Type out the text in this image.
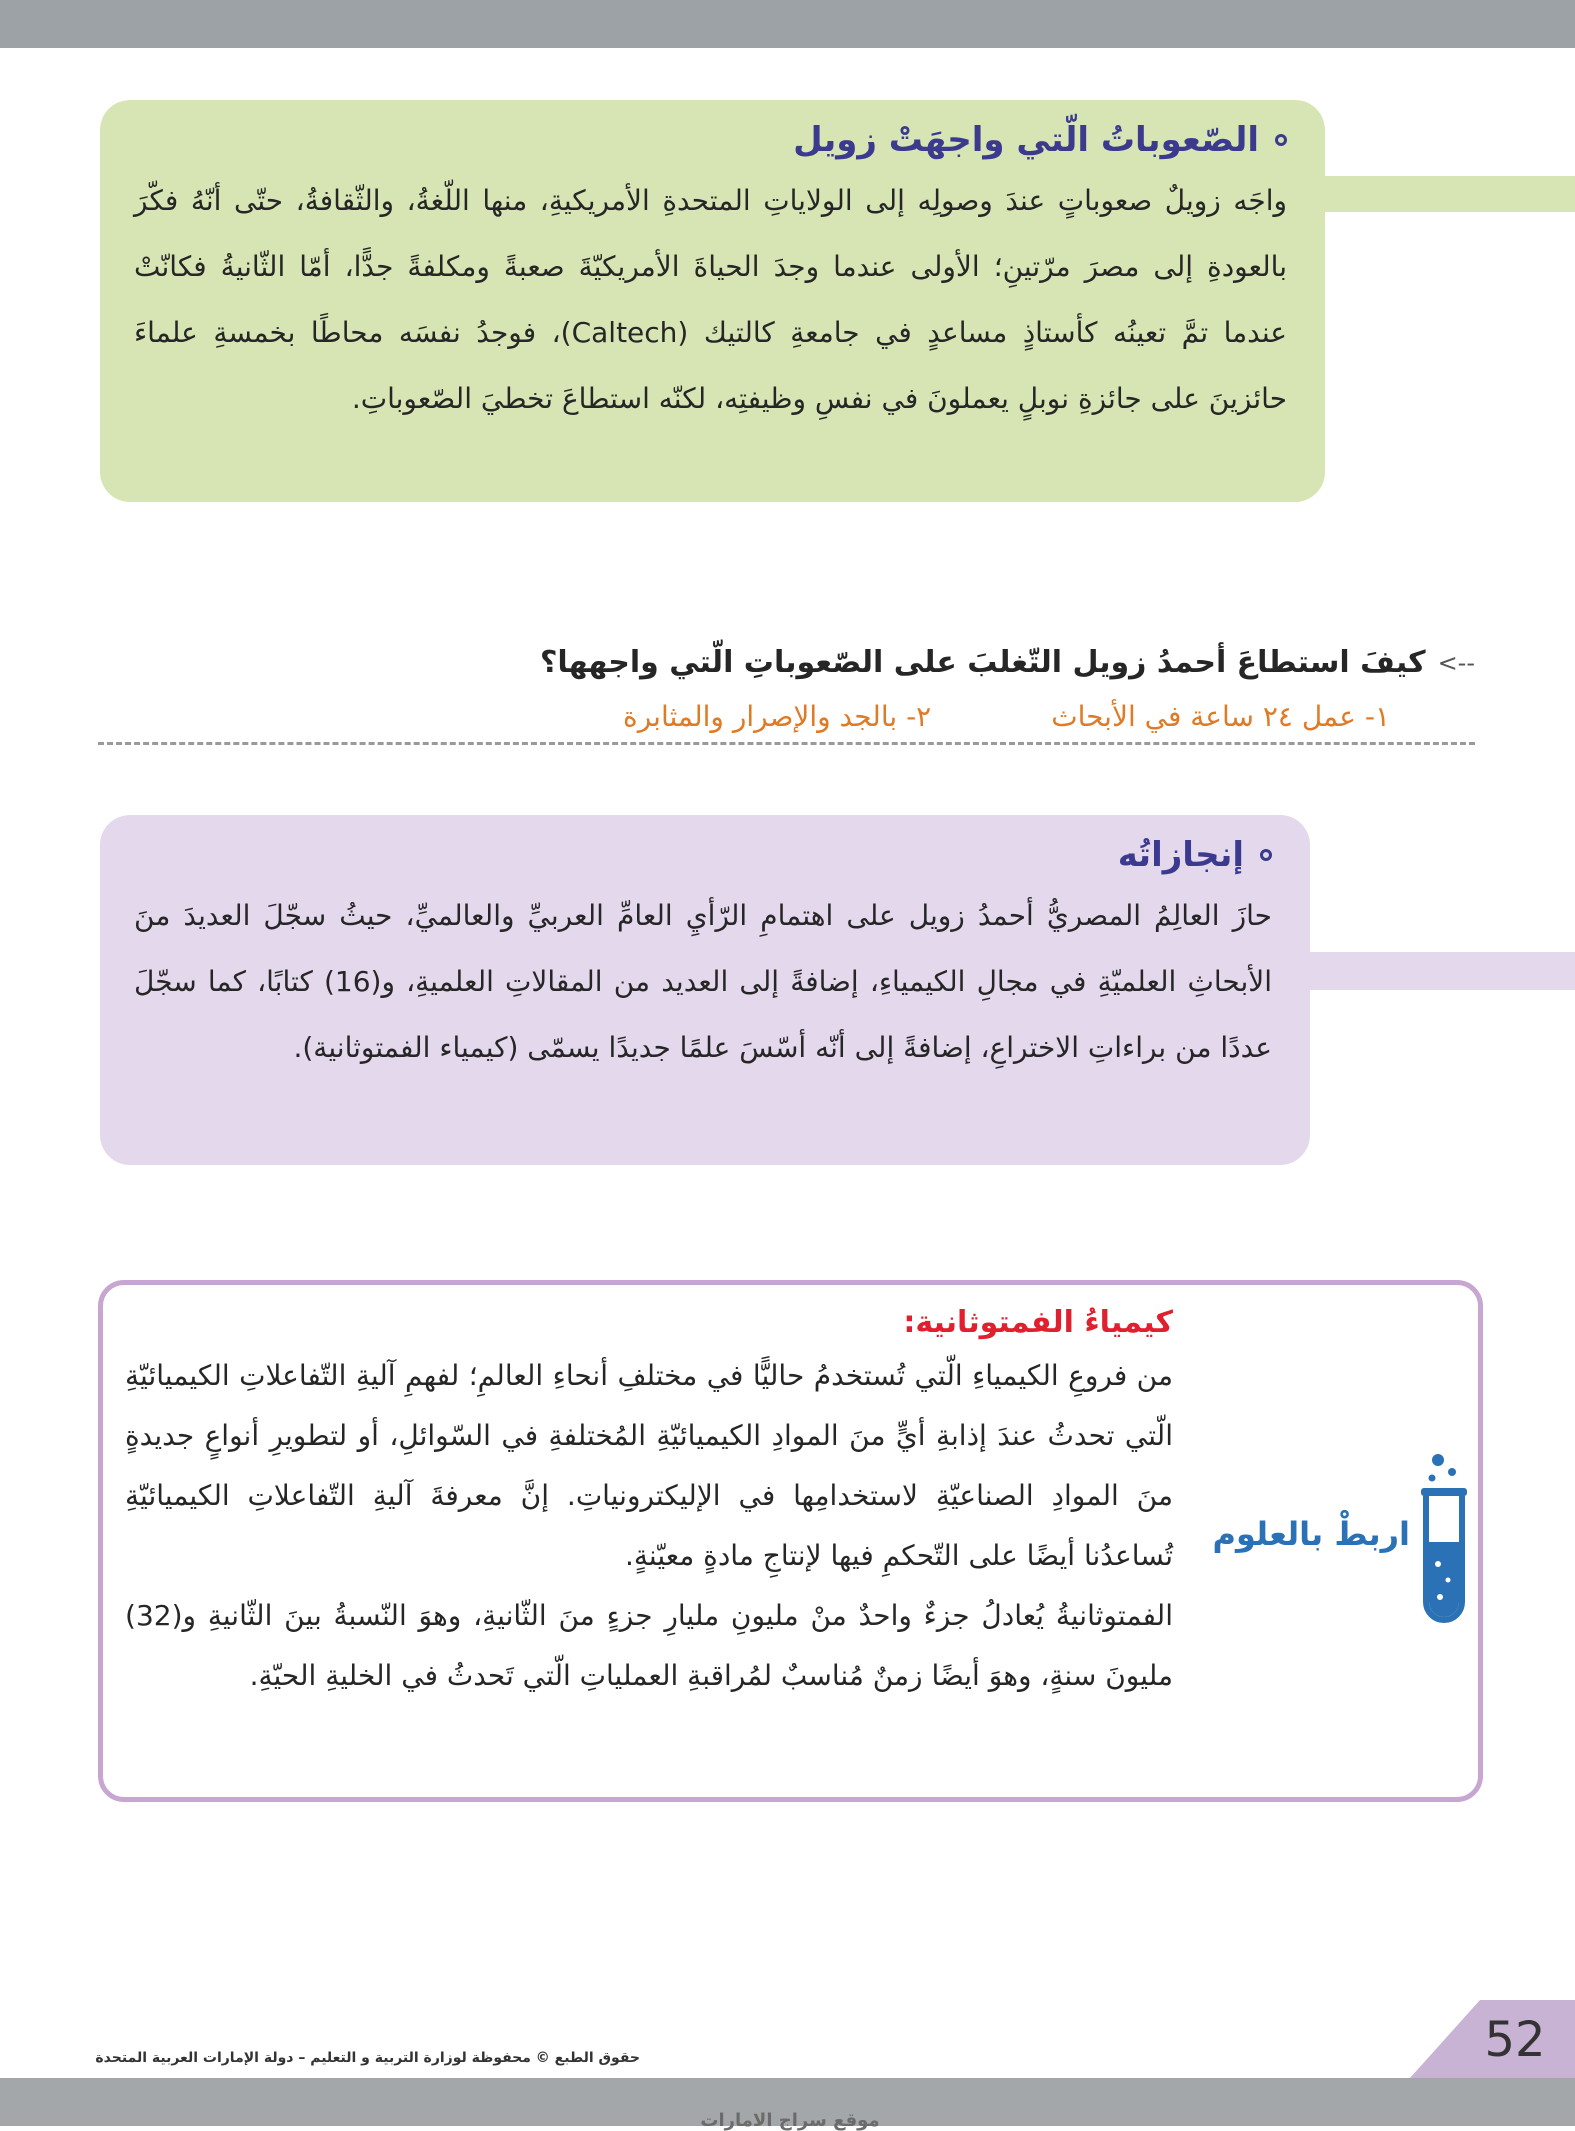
الصّعوباتُ الّتي واجهَتْ زويل
واجَه زويلٌ صعوباتٍ عندَ وصولِه إلى الولاياتِ المتحدةِ الأمريكيةِ، منها اللّغةُ، والثّقافةُ، حتّى أنّهُ فكّرَ بالعودةِ إلى مصرَ مرّتينِ؛ الأولى عندما وجدَ الحياةَ الأمريكيّةَ صعبةً ومكلفةً جدًّا، أمّا الثّانيةُ فكانّتْ عندما تمَّ تعينُه كأستاذٍ مساعدٍ في جامعةِ كالتيك (Caltech)، فوجدُ نفسَه محاطًا بخمسةِ علماءَ حائزينَ على جائزةِ نوبلٍ يعملونَ في نفسِ وظيفتِه، لكنّه استطاعَ تخطيَ الصّعوباتِ.
-->
كيفَ استطاعَ أحمدُ زويل التّغلبَ على الصّعوباتِ الّتي واجهها؟
١- عمل ٢٤ ساعة في الأبحاث
٢- بالجد والإصرار والمثابرة
إنجازاتُه
حازَ العالِمُ المصريُّ أحمدُ زويل على اهتمامِ الرّأيِ العامِّ العربيِّ والعالميِّ، حيثُ سجّلَ العديدَ منَ الأبحاثِ العلميّةِ في مجالِ الكيمياءِ، إضافةً إلى العديد من المقالاتِ العلميةِ، و(16) كتابًا، كما سجّلَ عددًا من براءاتِ الاختراعِ، إضافةً إلى أنّه أسّسَ علمًا جديدًا يسمّى (كيمياء الفمتوثانية).
كيمياءُ الفمتوثانية:
من فروعِ الكيمياءِ الّتي تُستخدمُ حاليًّا في مختلفِ أنحاءِ العالمِ؛ لفهمِ آليةِ التّفاعلاتِ الكيميائيّةِ الّتي تحدثُ عندَ إذابةِ أيٍّ منَ الموادِ الكيميائيّةِ المُختلفةِ في السّوائلِ، أو لتطويرِ أنواعٍ جديدةٍ منَ الموادِ الصناعيّةِ لاستخدامِها في الإليكترونياتِ. إنَّ معرفةَ آليةِ التّفاعلاتِ الكيميائيّةِ تُساعدُنا أيضًا على التّحكمِ فيها لإنتاجِ مادةٍ معيّنةٍ.
الفمتوثانيةُ يُعادلُ جزءٌ واحدٌ منْ مليونِ مليارِ جزءٍ منَ الثّانيةِ، وهوَ النّسبةُ بينَ الثّانيةِ و(32) مليونَ سنةٍ، وهوَ أيضًا زمنٌ مُناسبٌ لمُراقبةِ العملياتِ الّتي تَحدثُ في الخليةِ الحيّةِ.
اربطْ بالعلوم
حقوق الطبع © محفوظة لوزارة التربية و التعليم – دولة الإمارات العربية المتحدة
موقع سراج الامارات
52
